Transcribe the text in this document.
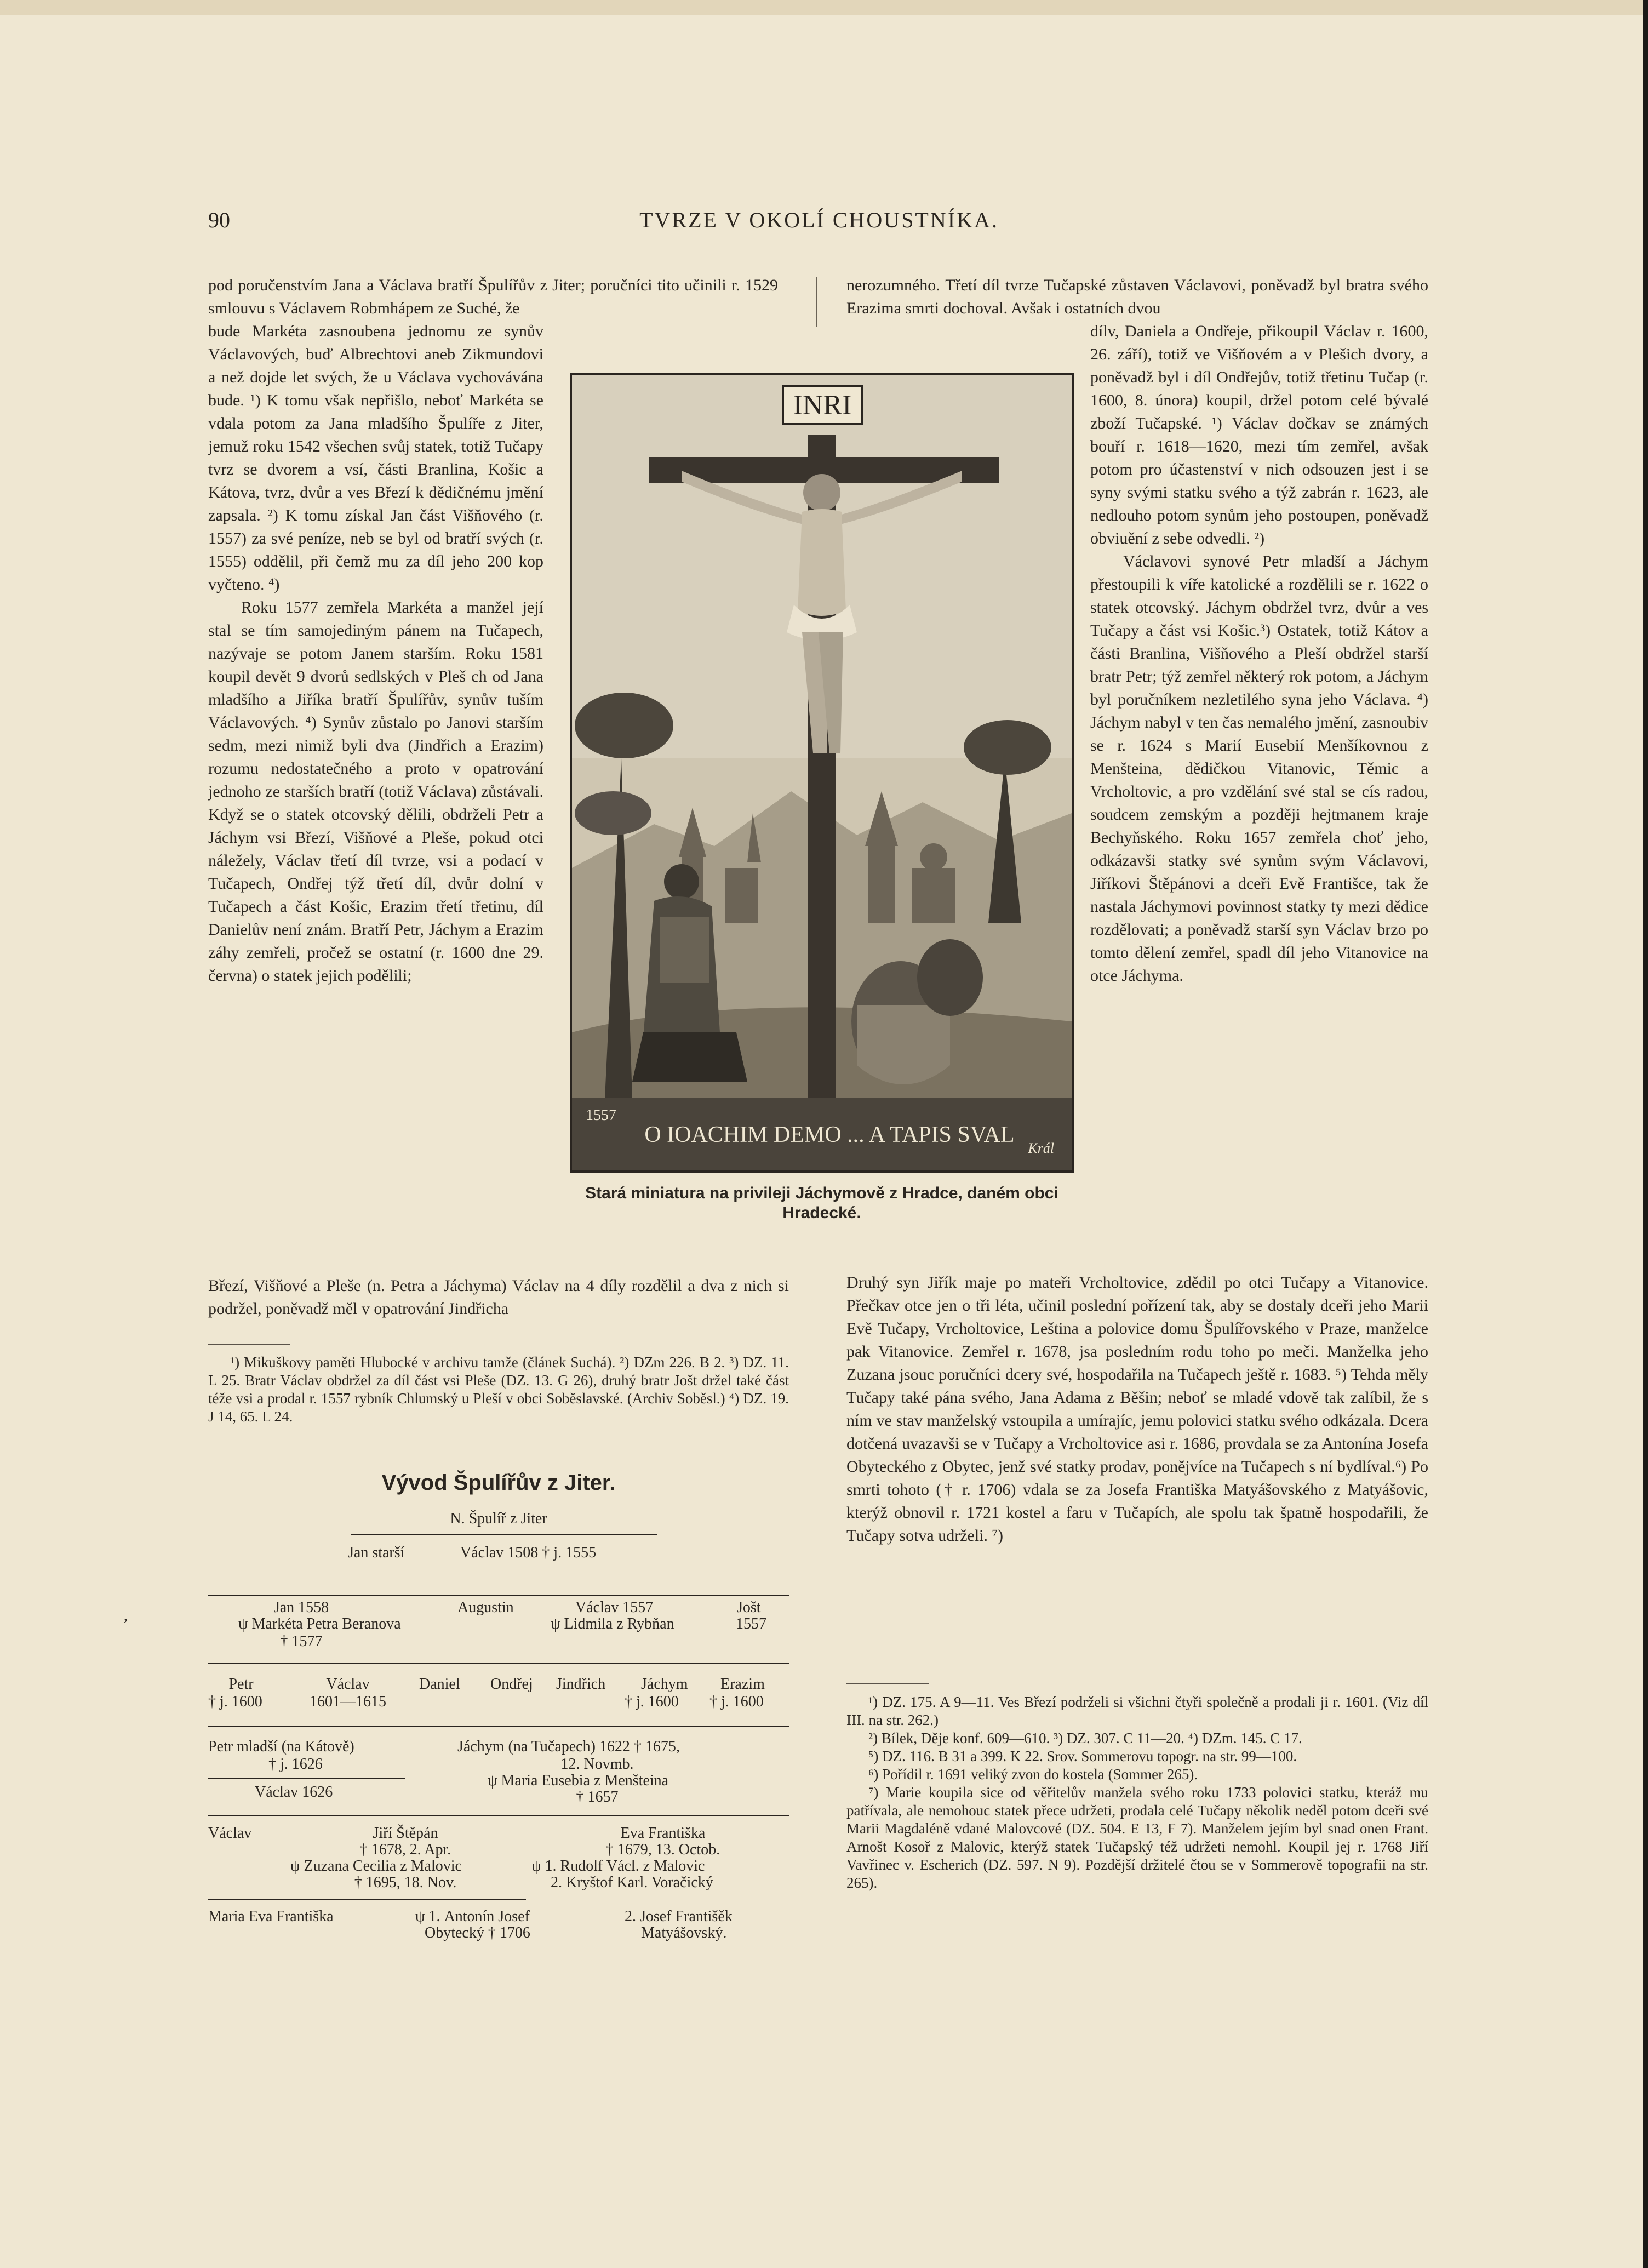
90	TVRZE V OKOLÍ CHOUSTNÍKA.
pod poručenstvím Jana a Václava bratří Špulířův z Jiter; poručníci tito učinili r. 1529 smlouvu s Václavem Robmhápem ze Suché, že

bude Markéta zasnoubena jednomu ze synův Václavových, buď Albrechtovi aneb Zikmundovi a než dojde let svých, že u Václava vychovávána bude. ¹) K tomu však nepřišlo, neboť Markéta se vdala potom za Jana mladšího Špulíře z Jiter, jemuž roku 1542 všechen svůj statek, totiž Tučapy tvrz se dvorem a vsí, části Branlina, Košic a Kátova, tvrz, dvůr a ves Březí k dědičnému jmění zapsala. ²) K tomu získal Jan část Višňového (r. 1557) za své peníze, neb se byl od bratří svých (r. 1555) oddělil, při čemž mu za díl jeho 200 kop vyčteno. ⁴)

Roku 1577 zemřela Markéta a manžel její stal se tím samojediným pánem na Tučapech, nazývaje se potom Janem starším. Roku 1581 koupil devět 9 dvorů sedlských v Pleš ch od Jana mladšího a Jiříka bratří Špulířův, synův tuším Václavových. ⁴) Synův zůstalo po Janovi starším sedm, mezi nimiž byli dva (Jindřich a Erazim) rozumu nedostatečného a proto v opatrování jednoho ze starších bratří (totiž Václava) zůstávali. Když se o statek otcovský dělili, obdrželi Petr a Jáchym vsi Březí, Višňové a Pleše, pokud otci náležely, Václav třetí díl tvrze, vsi a podací v Tučapech, Ondřej týž třetí díl, dvůr dolní v Tučapech a část Košic, Erazim třetí třetinu, díl Danielův není znám. Bratří Petr, Jáchym a Erazim záhy zemřeli, pročež se ostatní (r. 1600 dne 29. června) o statek jejich podělili;

Březí, Višňové a Pleše (n. Petra a Jáchyma) Václav na 4 díly rozdělil a dva z nich si podržel, poněvadž měl v opatrování Jindřicha
nerozumného. Třetí díl tvrze Tučapské zůstaven Václavovi, poněvadž byl bratra svého Erazima smrti dochoval. Avšak i ostatních dvou

dílv, Daniela a Ondřeje, přikoupil Václav r. 1600, 26. září), totiž ve Višňovém a v Plešich dvory, a poněvadž byl i díl Ondřejův, totiž třetinu Tučap (r. 1600, 8. února) koupil, držel potom celé bývalé zboží Tučapské. ¹) Václav dočkav se známých bouří r. 1618—1620, mezi tím zemřel, avšak potom pro účastenství v nich odsouzen jest i se syny svými statku svého a týž zabrán r. 1623, ale nedlouho potom synům jeho postoupen, poněvadž obviuění z sebe odvedli. ²)

Václavovi synové Petr mladší a Jáchym přestoupili k víře katolické a rozdělili se r. 1622 o statek otcovský. Jáchym obdržel tvrz, dvůr a ves Tučapy a část vsi Košic.³) Ostatek, totiž Kátov a části Branlina, Višňového a Pleší obdržel starší bratr Petr; týž zemřel některý rok potom, a Jáchym byl poručníkem nezletilého syna jeho Václava. ⁴) Jáchym nabyl v ten čas nemalého jmění, zasnoubiv se r. 1624 s Marií Eusebií Menšíkovnou z Menšteina, dědičkou Vitanovic, Těmic a Vrcholtovic, a pro vzdělání své stal se cís radou, soudcem zemským a později hejtmanem kraje Bechyňského. Roku 1657 zemřela choť jeho, odkázavši statky své synům svým Václavovi, Jiříkovi Štěpánovi a dceři Evě Františce, tak že nastala Jáchymovi povinnost statky ty mezi dědice rozdělovati; a poněvadž starší syn Václav brzo po tomto dělení zemřel, spadl díl jeho Vitanovice na otce Jáchyma.

Druhý syn Jiřík maje po mateři Vrcholtovice, zdědil po otci Tučapy a Vitanovice. Přečkav otce jen o tři léta, učinil poslední pořízení tak, aby se dostaly dceři jeho Marii Evě Tučapy, Vrcholtovice, Leština a polovice domu Špulířovského v Praze, manželce pak Vitanovice. Zemřel r. 1678, jsa posledním rodu toho po meči. Manželka jeho Zuzana jsouc poručníci dcery své, hospodařila na Tučapech ještě r. 1683. ⁵) Tehda měly Tučapy také pána svého, Jana Adama z Běšin; neboť se mladé vdově tak zalíbil, že s ním ve stav manželský vstoupila a umírajíc, jemu polovici statku svého odkázala. Dcera dotčená uvazavši se v Tučapy a Vrcholtovice asi r. 1686, provdala se za Antonína Josefa Obyteckého z Obytec, jenž své statky prodav, ponějvíce na Tučapech s ní bydlíval.⁶) Po smrti tohoto († r. 1706) vdala se za Josefa Františka Matyášovského z Matyášovic, kterýž obnovil r. 1721 kostel a faru v Tučapích, ale spolu tak špatně hospodařili, že Tučapy sotva udrželi. ⁷)
INRI
1557
O IOACHIM DEMO ... A TAPIS SVAL
Král
Stará miniatura na privileji Jáchymově z Hradce, daném obci Hradecké.

¹) Mikuškovy paměti Hlubocké v archivu tamže (článek Suchá). ²) DZm 226. B 2. ³) DZ. 11. L 25. Bratr Václav obdržel za díl část vsi Pleše (DZ. 13. G 26), druhý bratr Jošt držel také část téže vsi a prodal r. 1557 rybník Chlumský u Pleší v obci Soběslavské. (Archiv Soběsl.) ⁴) DZ. 19. J 14, 65. L 24.

¹) DZ. 175. A 9—11. Ves Březí podrželi si všichni čtyři společně a prodali ji r. 1601. (Viz díl III. na str. 262.)

²) Bílek, Děje konf. 609—610. ³) DZ. 307. C 11—20. ⁴) DZm. 145. C 17.

⁵) DZ. 116. B 31 a 399. K 22. Srov. Sommerovu topogr. na str. 99—100.

⁶) Pořídil r. 1691 veliký zvon do kostela (Sommer 265).

⁷) Marie koupila sice od věřitelův manžela svého roku 1733 polovici statku, kteráž mu patřívala, ale nemohouc statek přece udržeti, prodala celé Tučapy několik neděl potom dceři své Marii Magdaléně vdané Malovcové (DZ. 504. E 13, F 7). Manželem jejím byl snad onen Frant. Arnošt Kosoř z Malovic, kterýž statek Tučapský též udržeti nemohl. Koupil jej r. 1768 Jiří Vavřinec v. Escherich (DZ. 597. N 9). Pozdější držitelé čtou se v Sommerově topografii na str. 265).

Vývod Špulířův z Jiter.
N. Špulíř z Jiter
Jan starší	Václav 1508 † j. 1555
Jan 1558
ψ Markéta Petra Beranova
† 1577
Augustin	Václav 1557
ψ Lidmila z Rybňan
Jošt
1557
Petr
† j. 1600
Václav
1601—1615
Daniel Ondřej Jindřich Jáchym
† j. 1600
Erazim
† j. 1600
Petr mladší (na Kátově)
† j. 1626
Václav 1626
Jáchym (na Tučapech) 1622 † 1675,
12. Novmb.
ψ Maria Eusebia z Menšteina
† 1657
Václav	Jiří Štěpán
† 1678, 2. Apr.
ψ Zuzana Cecilia z Malovic
† 1695, 18. Nov.
Eva Františka
† 1679, 13. Octob.
ψ 1. Rudolf Václ. z Malovic
2. Kryštof Karl. Voračický
Maria Eva Františka	ψ 1. Antonín Josef
Obytecký † 1706
2. Josef Františěk
Matyášovský.
,
